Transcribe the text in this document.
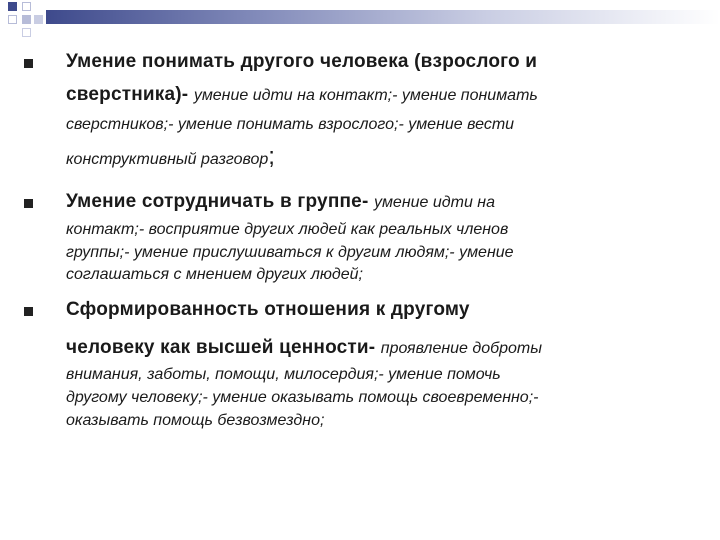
Умение понимать другого человека (взрослого и
сверстника)- умение идти на контакт;- умение понимать
сверстников;- умение понимать взрослого;- умение вести
конструктивный разговор;
Умение сотрудничать в группе- умение идти на
контакт;- восприятие других людей как реальных членов
группы;- умение прислушиваться к другим людям;- умение
соглашаться с мнением других людей;
Сформированность отношения к другому
человеку как высшей ценности- проявление доброты
внимания, заботы, помощи, милосердия;- умение помочь
другому человеку;- умение оказывать помощь своевременно;-
оказывать помощь безвозмездно;
